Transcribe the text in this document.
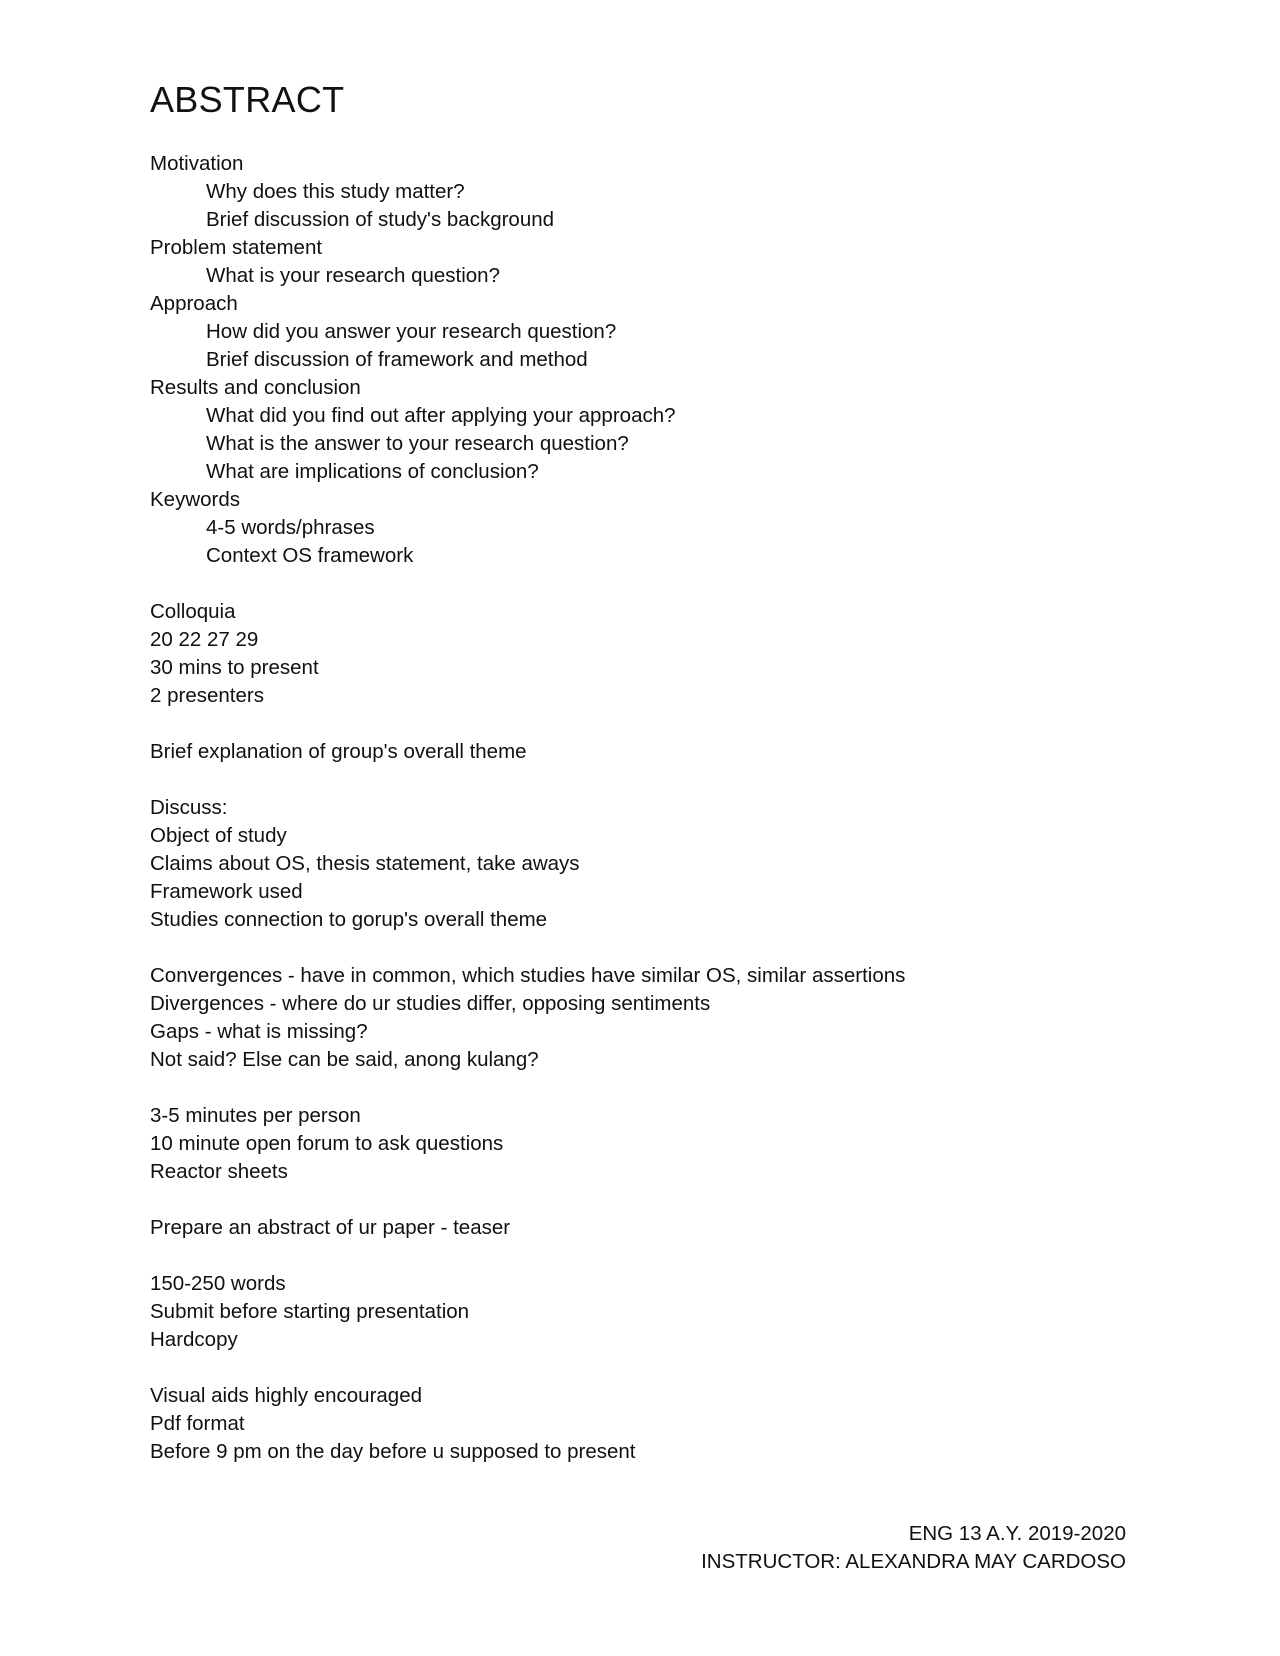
ABSTRACT
Motivation
Why does this study matter?
Brief discussion of study's background
Problem statement
What is your research question?
Approach
How did you answer your research question?
Brief discussion of framework and method
Results and conclusion
What did you find out after applying your approach?
What is the answer to your research question?
What are implications of conclusion?
Keywords
4-5 words/phrases
Context OS framework
Colloquia
20 22 27 29
30 mins to present
2 presenters
Brief explanation of group's overall theme
Discuss:
Object of study
Claims about OS, thesis statement, take aways
Framework used
Studies connection to gorup's overall theme
Convergences - have in common, which studies have similar OS, similar assertions
Divergences - where do ur studies differ, opposing sentiments
Gaps - what is missing?
Not said? Else can be said, anong kulang?
3-5 minutes per person
10 minute open forum to ask questions
Reactor sheets
Prepare an abstract of ur paper - teaser
150-250 words
Submit before starting presentation
Hardcopy
Visual aids highly encouraged
Pdf format
Before 9 pm on the day before u supposed to present
ENG 13 A.Y. 2019-2020
INSTRUCTOR: ALEXANDRA MAY CARDOSO
